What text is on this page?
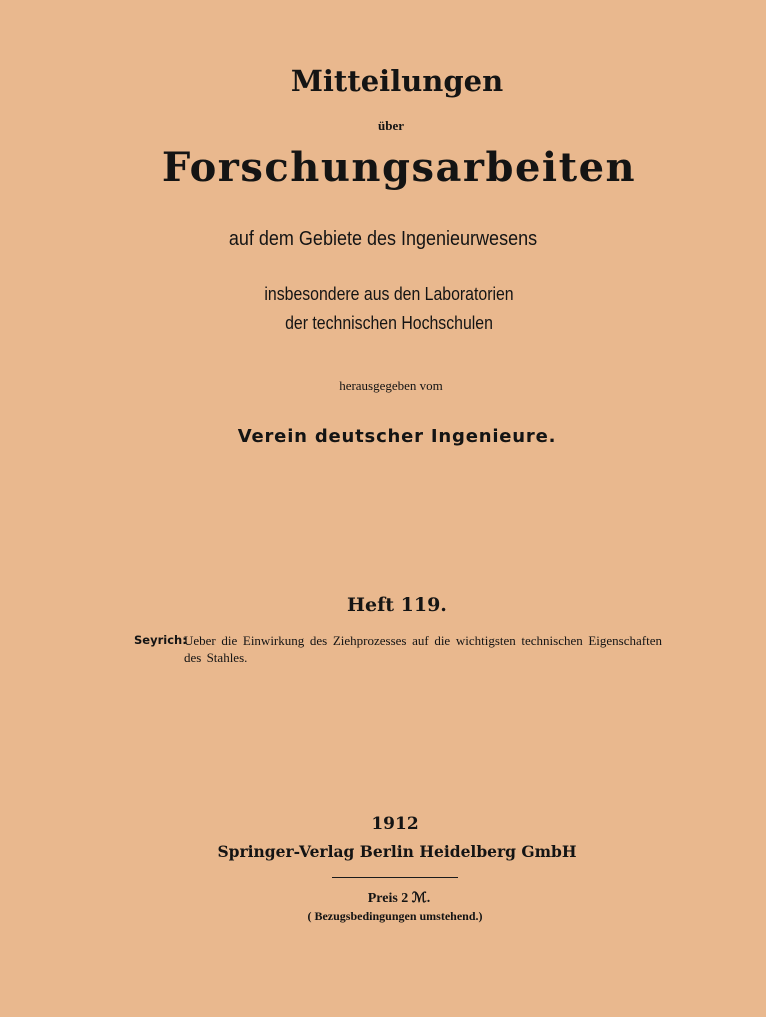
Mitteilungen
über
Forschungsarbeiten
auf dem Gebiete des Ingenieurwesens
insbesondere aus den Laboratorien
der technischen Hochschulen
herausgegeben vom
Verein deutscher Ingenieure.
Heft 119.
Seyrich:
Ueber die Einwirkung des Ziehprozesses auf die wichtigsten technischen Eigenschaften des Stahles.
1912
Springer-Verlag Berlin Heidelberg GmbH
Preis 2 ℳ.
( Bezugsbedingungen umstehend.)
